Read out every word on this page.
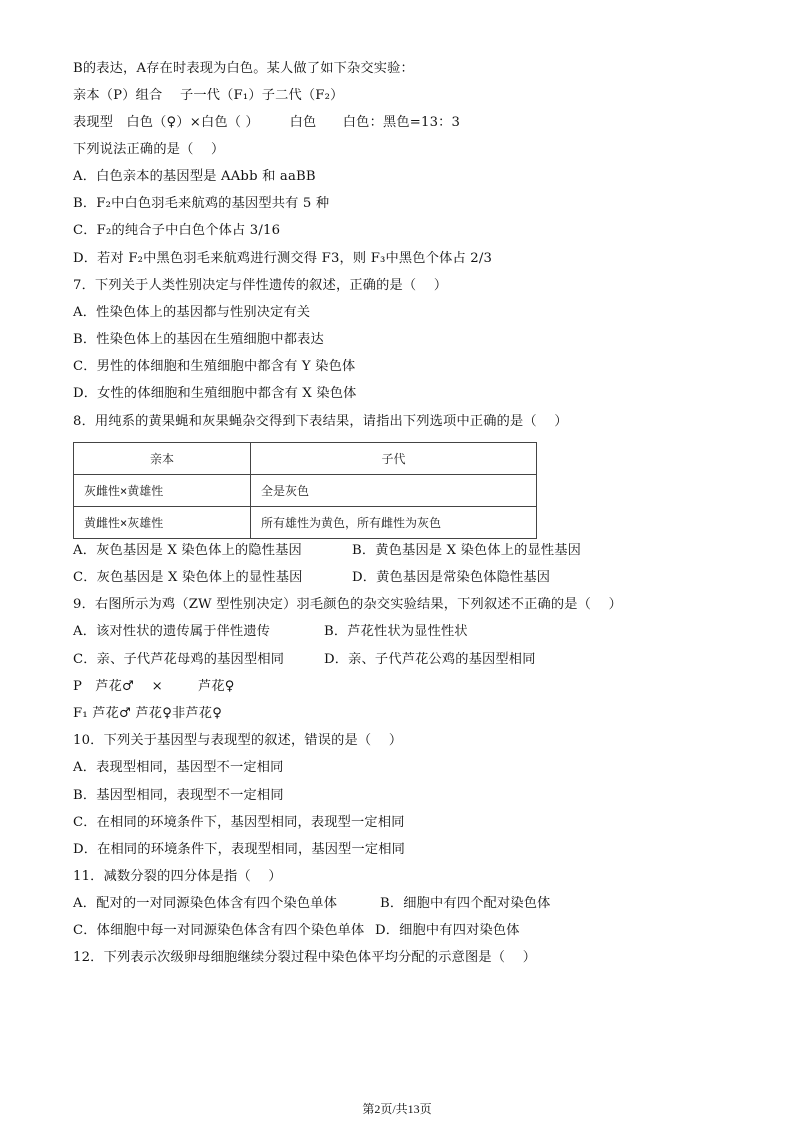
B的表达，A存在时表现为白色。某人做了如下杂交实验：
亲本（P）组合    子一代（F₁）子二代（F₂）
表现型   白色（♀）×白色（ ）       白色      白色：黑色=13：3
下列说法正确的是（    ）
A．白色亲本的基因型是 AAbb 和 aaBB
B．F₂中白色羽毛来航鸡的基因型共有 5 种
C．F₂的纯合子中白色个体占 3/16
D．若对 F₂中黑色羽毛来航鸡进行测交得 F3，则 F₃中黑色个体占 2/3
7．下列关于人类性别决定与伴性遗传的叙述，正确的是（    ）
A．性染色体上的基因都与性别决定有关
B．性染色体上的基因在生殖细胞中都表达
C．男性的体细胞和生殖细胞中都含有 Y 染色体
D．女性的体细胞和生殖细胞中都含有 X 染色体
8．用纯系的黄果蝇和灰果蝇杂交得到下表结果，请指出下列选项中正确的是（    ）
亲本	子代
灰雌性×黄雄性	全是灰色
黄雌性×灰雄性	所有雄性为黄色，所有雌性为灰色
A．灰色基因是 X 染色体上的隐性基因	B．黄色基因是 X 染色体上的显性基因
C．灰色基因是 X 染色体上的显性基因	D．黄色基因是常染色体隐性基因
9．右图所示为鸡（ZW 型性别决定）羽毛颜色的杂交实验结果，下列叙述不正确的是（    ）
A．该对性状的遗传属于伴性遗传	B．芦花性状为显性性状
C．亲、子代芦花母鸡的基因型相同	D．亲、子代芦花公鸡的基因型相同
P   芦花♂    ×        芦花♀
F₁ 芦花♂ 芦花♀非芦花♀
10．下列关于基因型与表现型的叙述，错误的是（    ）
A．表现型相同，基因型不一定相同
B．基因型相同，表现型不一定相同
C．在相同的环境条件下，基因型相同，表现型一定相同
D．在相同的环境条件下，表现型相同，基因型一定相同
11．减数分裂的四分体是指（    ）
A．配对的一对同源染色体含有四个染色单体	B．细胞中有四个配对染色体
C．体细胞中每一对同源染色体含有四个染色单体 D．细胞中有四对染色体
12．下列表示次级卵母细胞继续分裂过程中染色体平均分配的示意图是（    ）
第2页/共13页
